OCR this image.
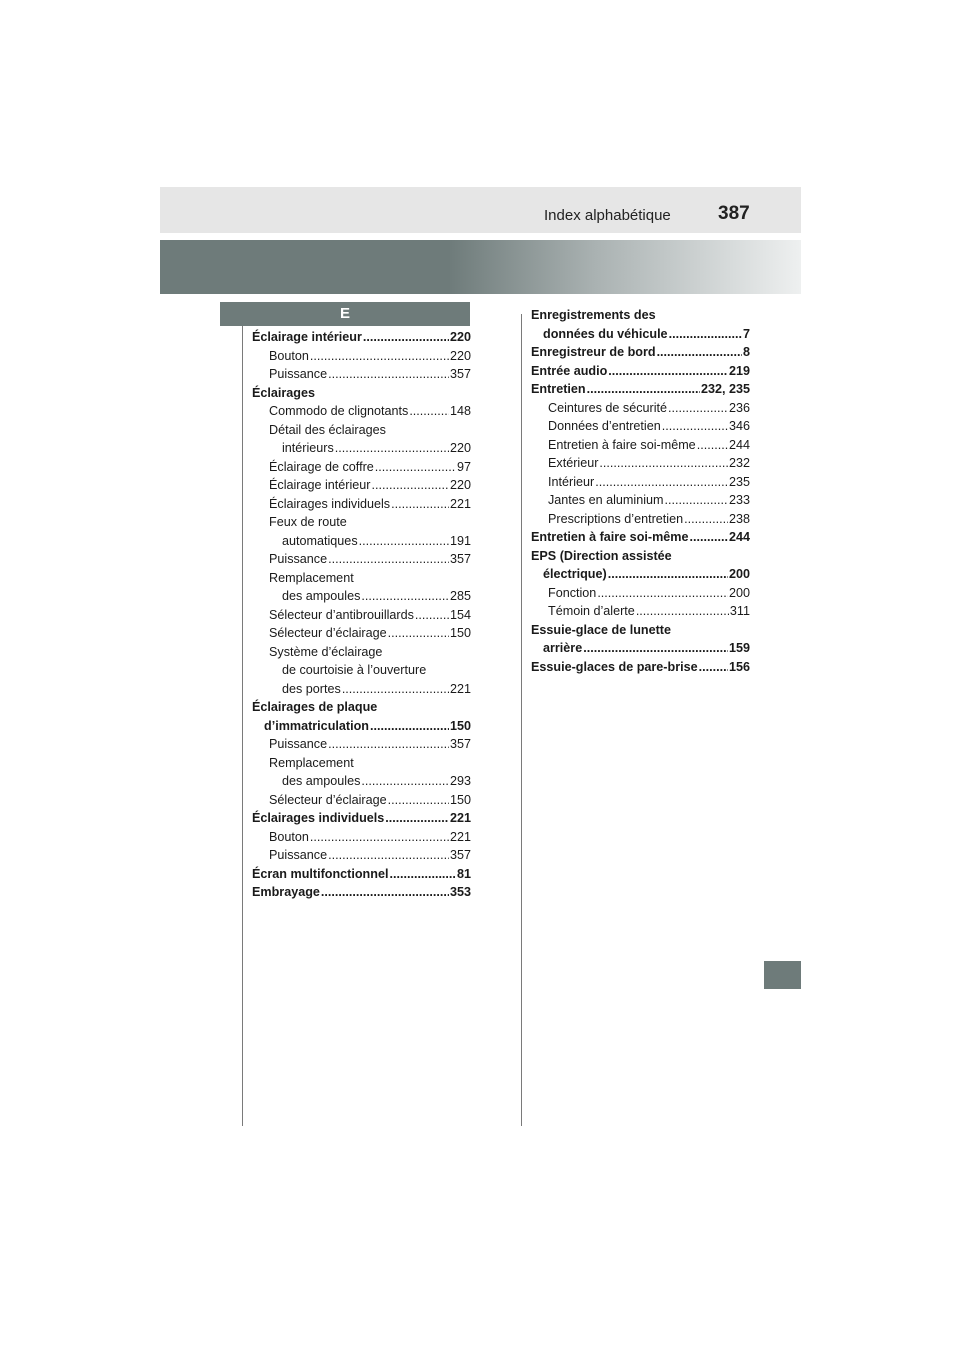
Index alphabétique 387
E
Éclairage intérieur .....	220
Bouton .....	220
Puissance .....	357
Éclairages
Commodo de clignotants .....	148
Détail des éclairages
intérieurs .....	220
Éclairage de coffre .....	97
Éclairage intérieur .....	220
Éclairages individuels .....	221
Feux de route
automatiques .....	191
Puissance .....	357
Remplacement
des ampoules .....	285
Sélecteur d’antibrouillards .....	154
Sélecteur d’éclairage .....	150
Système d’éclairage
de courtoisie à l’ouverture
des portes .....	221
Éclairages de plaque
d’immatriculation .....	150
Puissance .....	357
Remplacement
des ampoules .....	293
Sélecteur d’éclairage .....	150
Éclairages individuels .....	221
Bouton .....	221
Puissance .....	357
Écran multifonctionnel .....	81
Embrayage .....	353
Enregistrements des
données du véhicule .....	7
Enregistreur de bord .....	8
Entrée audio .....	219
Entretien .....	232, 235
Ceintures de sécurité .....	236
Données d’entretien .....	346
Entretien à faire soi-même .....	244
Extérieur .....	232
Intérieur .....	235
Jantes en aluminium .....	233
Prescriptions d’entretien .....	238
Entretien à faire soi-même .....	244
EPS (Direction assistée
électrique) .....	200
Fonction .....	200
Témoin d’alerte .....	311
Essuie-glace de lunette
arrière .....	159
Essuie-glaces de pare-brise ..... 156
